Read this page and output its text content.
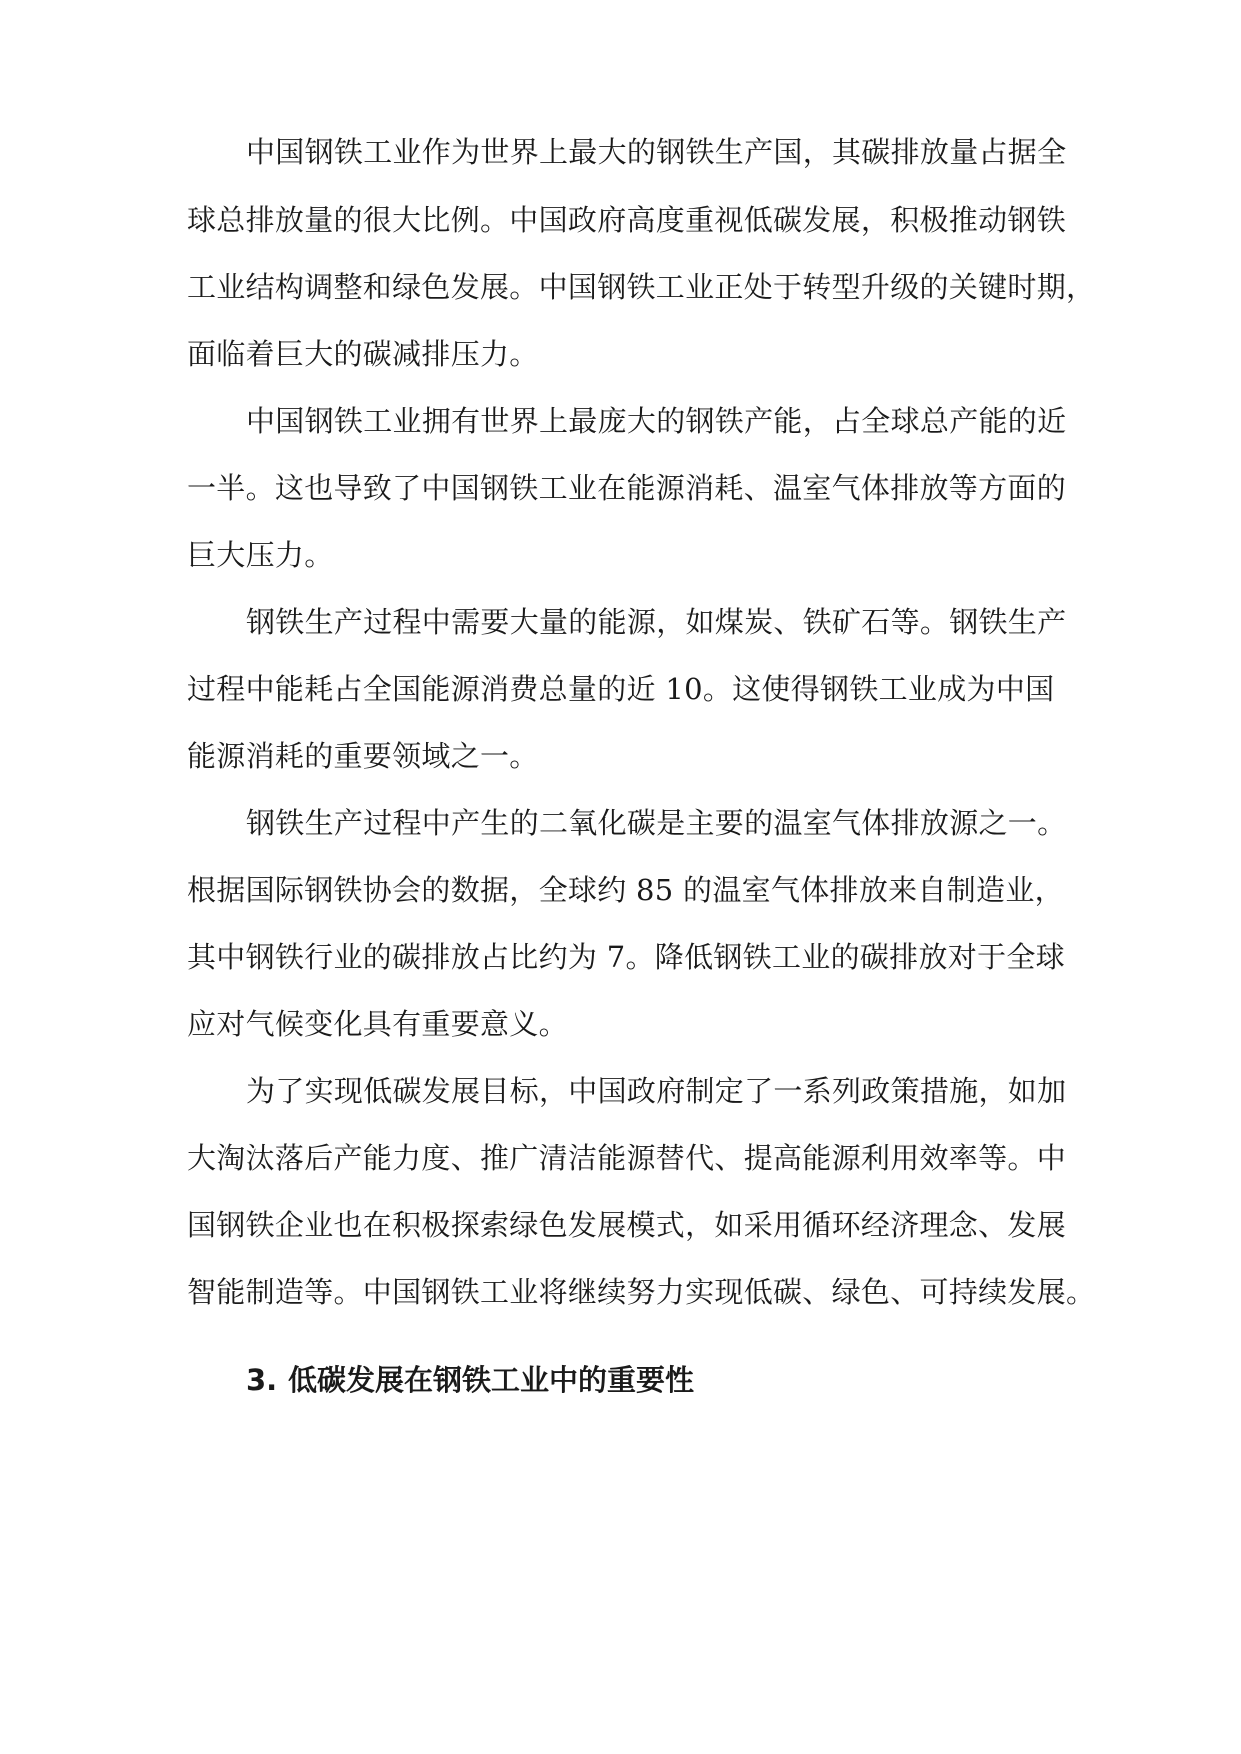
中国钢铁工业作为世界上最大的钢铁生产国，其碳排放量占据全
球总排放量的很大比例。中国政府高度重视低碳发展，积极推动钢铁
工业结构调整和绿色发展。中国钢铁工业正处于转型升级的关键时期，
面临着巨大的碳减排压力。
中国钢铁工业拥有世界上最庞大的钢铁产能，占全球总产能的近
一半。这也导致了中国钢铁工业在能源消耗、温室气体排放等方面的
巨大压力。
钢铁生产过程中需要大量的能源，如煤炭、铁矿石等。钢铁生产
过程中能耗占全国能源消费总量的近 10。这使得钢铁工业成为中国
能源消耗的重要领域之一。
钢铁生产过程中产生的二氧化碳是主要的温室气体排放源之一。
根据国际钢铁协会的数据，全球约 85 的温室气体排放来自制造业，
其中钢铁行业的碳排放占比约为 7。降低钢铁工业的碳排放对于全球
应对气候变化具有重要意义。
为了实现低碳发展目标，中国政府制定了一系列政策措施，如加
大淘汰落后产能力度、推广清洁能源替代、提高能源利用效率等。中
国钢铁企业也在积极探索绿色发展模式，如采用循环经济理念、发展
智能制造等。中国钢铁工业将继续努力实现低碳、绿色、可持续发展。
3. 低碳发展在钢铁工业中的重要性
